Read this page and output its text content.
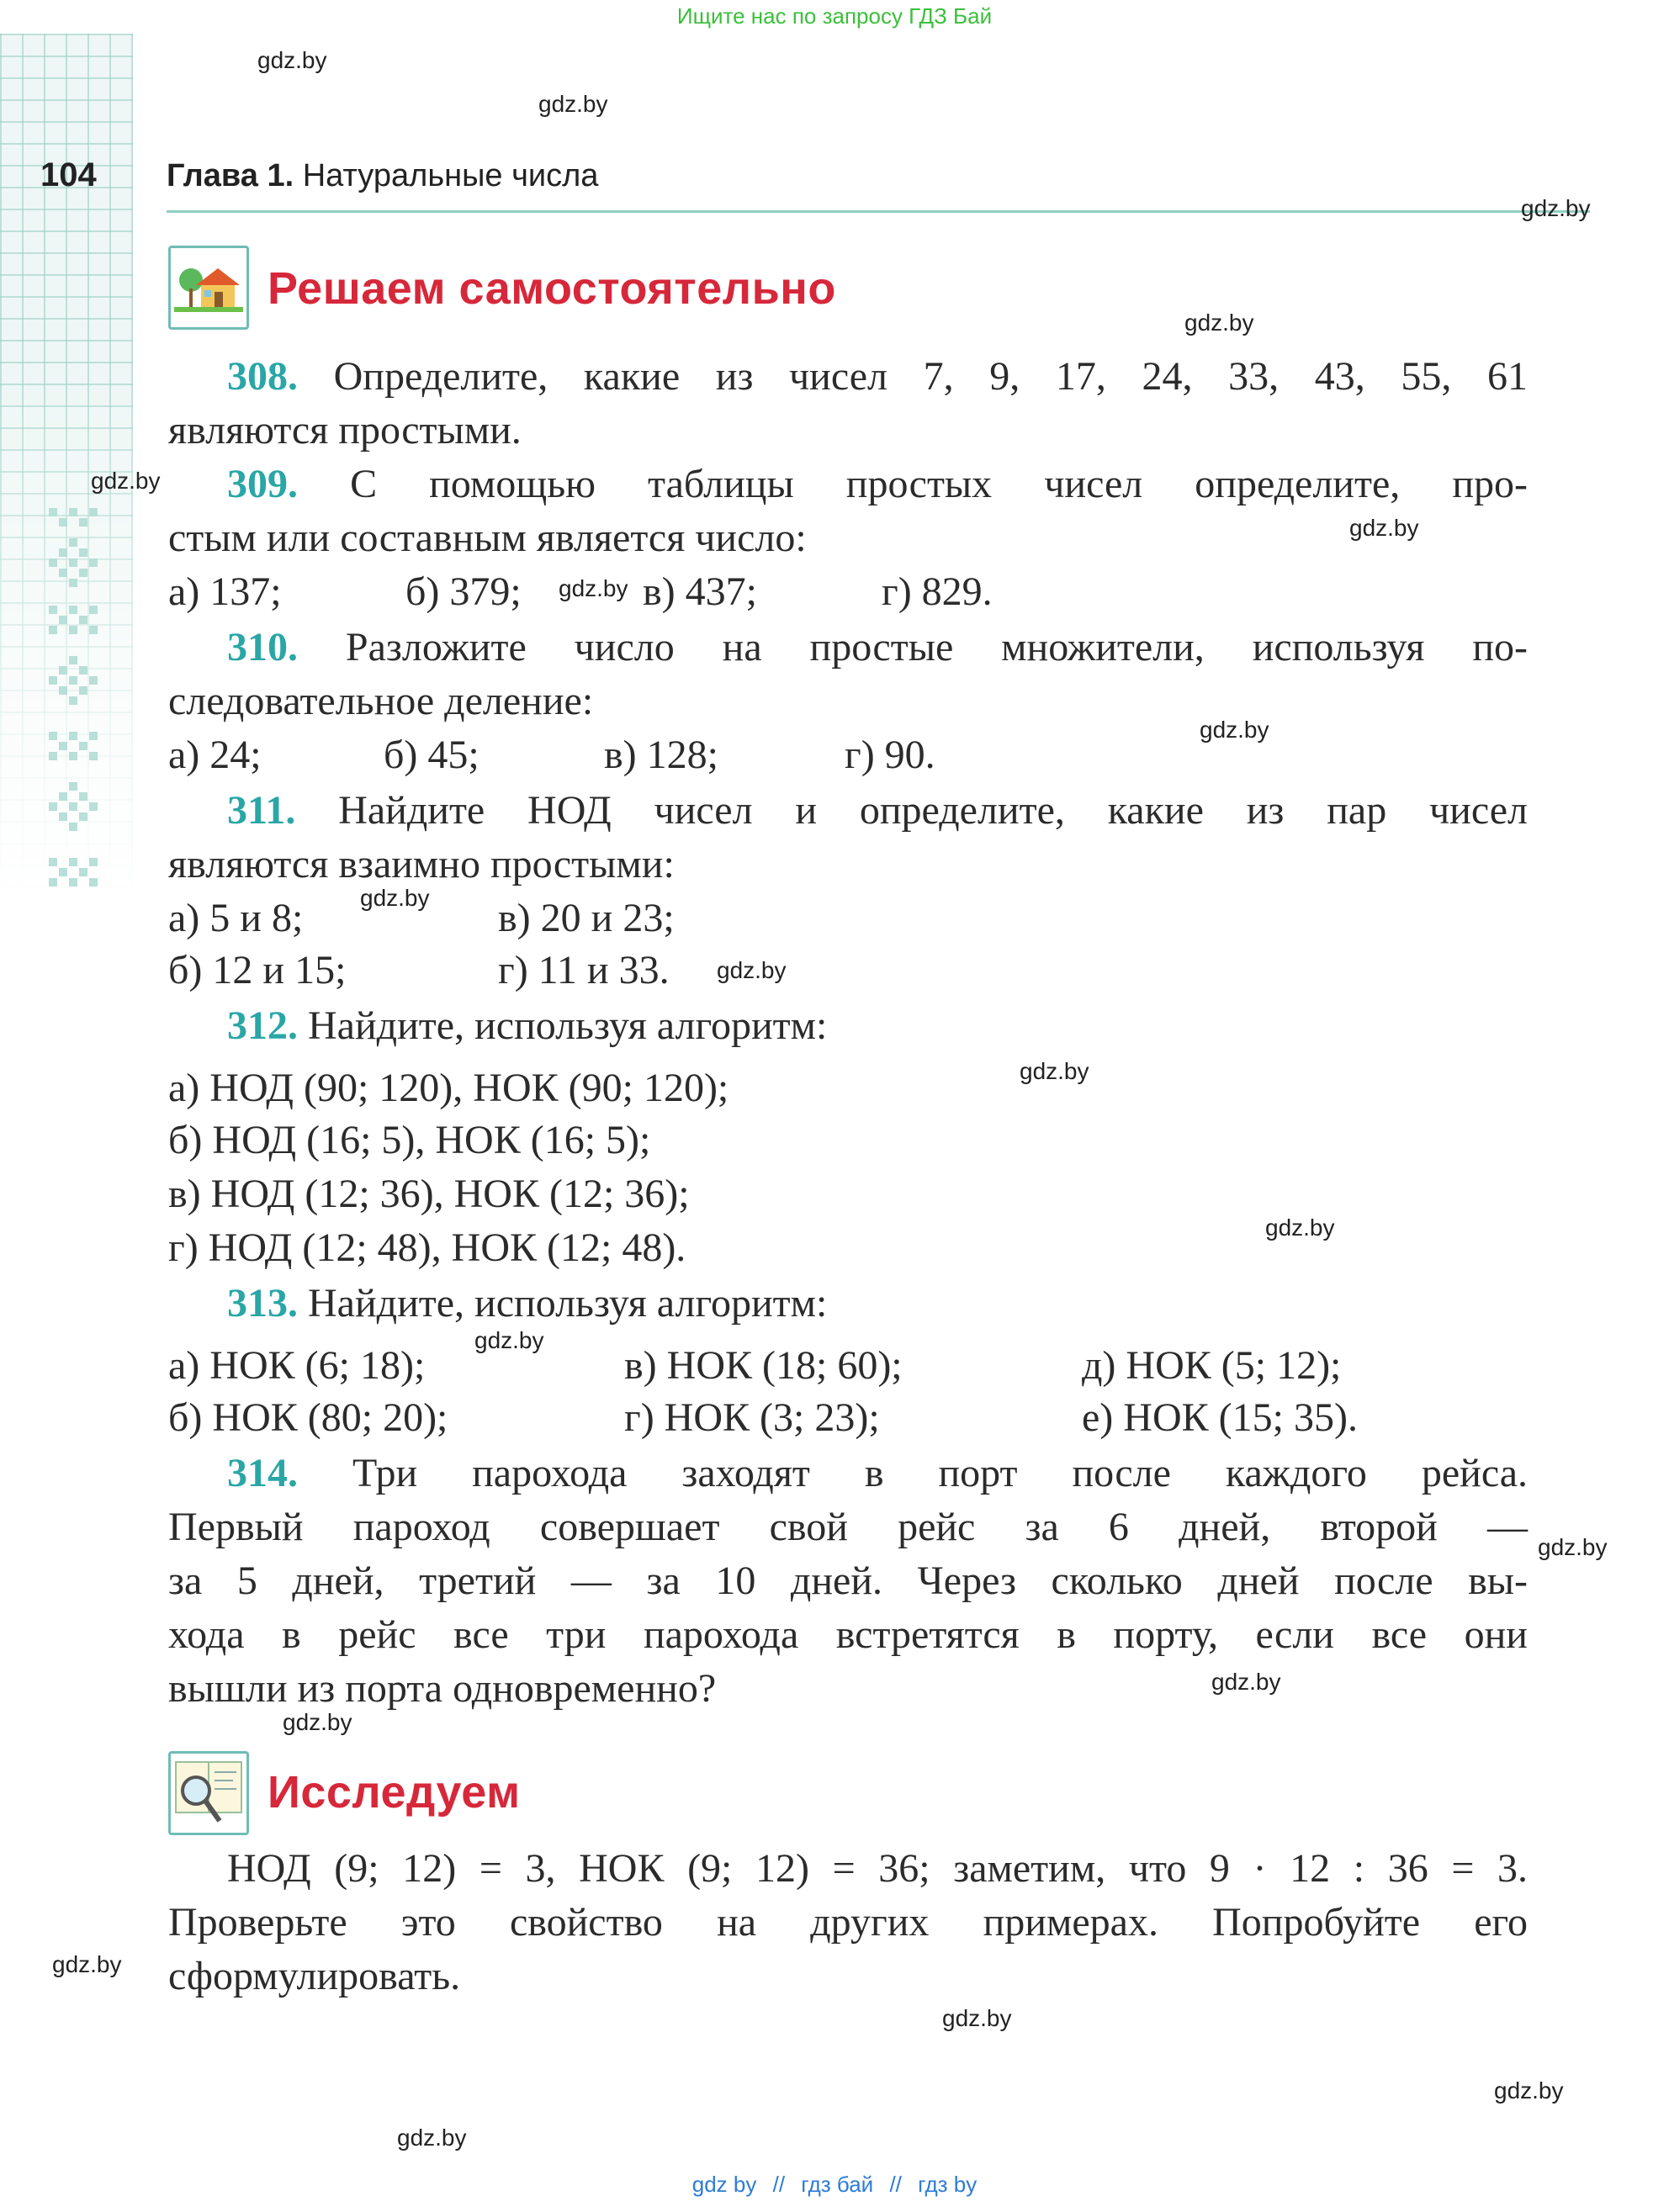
Ищите нас по запросу ГДЗ Бай
104 Глава 1. Натуральные числа
Решаем самостоятельно
308. Определите, какие из чисел 7, 9, 17, 24, 33, 43, 55, 61
являются простыми.
309. С помощью таблицы простых чисел определите, про-
стым или составным является число:
а) 137;	б) 379;	в) 437;	г) 829.
310. Разложите число на простые множители, используя по-
следовательное деление:
а) 24;	б) 45;	в) 128;	г) 90.
311. Найдите НОД чисел и определите, какие из пар чисел
являются взаимно простыми:
а) 5 и 8;	в) 20 и 23;
б) 12 и 15;	г) 11 и 33.
312. Найдите, используя алгоритм:
а) НОД (90; 120), НОК (90; 120);
б) НОД (16; 5), НОК (16; 5);
в) НОД (12; 36), НОК (12; 36);
г) НОД (12; 48), НОК (12; 48).
313. Найдите, используя алгоритм:
а) НОК (6; 18);	в) НОК (18; 60);	д) НОК (5; 12);
б) НОК (80; 20);	г) НОК (3; 23);	е) НОК (15; 35).
314. Три парохода заходят в порт после каждого рейса.
Первый пароход совершает свой рейс за 6 дней, второй —
за 5 дней, третий — за 10 дней. Через сколько дней после вы-
хода в рейс все три парохода встретятся в порту, если все они
вышли из порта одновременно?
Исследуем
НОД (9; 12) = 3, НОК (9; 12) = 36; заметим, что 9 · 12 : 36 = 3.
Проверьте это свойство на других примерах. Попробуйте его
сформулировать.
gdz.by
gdz.by
gdz.by
gdz.by
gdz.by
gdz.by
gdz.by
gdz.by
gdz.by
gdz.by
gdz.by
gdz.by
gdz.by
gdz.by
gdz.by
gdz.by
gdz.by
gdz.by
gdz.by
gdz.by
gdz by // гдз бай // гдз by
